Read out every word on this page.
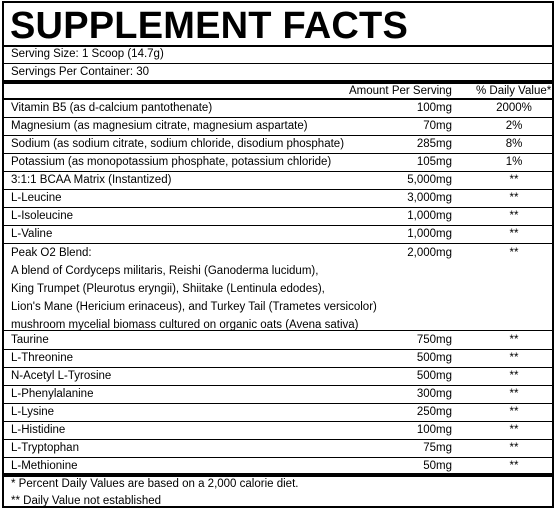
SUPPLEMENT FACTS
Serving Size: 1 Scoop (14.7g)
Servings Per Container: 30
Amount Per Serving % Daily Value*
Vitamin B5 (as d-calcium pantothenate)	100mg	2000%
Magnesium (as magnesium citrate, magnesium aspartate)	70mg	2%
Sodium (as sodium citrate, sodium chloride, disodium phosphate)	285mg	8%
Potassium (as monopotassium phosphate, potassium chloride)	105mg	1%
3:1:1 BCAA Matrix (Instantized)	5,000mg	**
L-Leucine	3,000mg	**
L-Isoleucine	1,000mg	**
L-Valine	1,000mg	**
Peak O2 Blend:	2,000mg	**
A blend of Cordyceps militaris, Reishi (Ganoderma lucidum),
King Trumpet (Pleurotus eryngii), Shiitake (Lentinula edodes),
Lion's Mane (Hericium erinaceus), and Turkey Tail (Trametes versicolor)
mushroom mycelial biomass cultured on organic oats (Avena sativa)
Taurine	750mg	**
L-Threonine	500mg	**
N-Acetyl L-Tyrosine	500mg	**
L-Phenylalanine	300mg	**
L-Lysine	250mg	**
L-Histidine	100mg	**
L-Tryptophan	75mg	**
L-Methionine	50mg	**
* Percent Daily Values are based on a 2,000 calorie diet.
** Daily Value not established
